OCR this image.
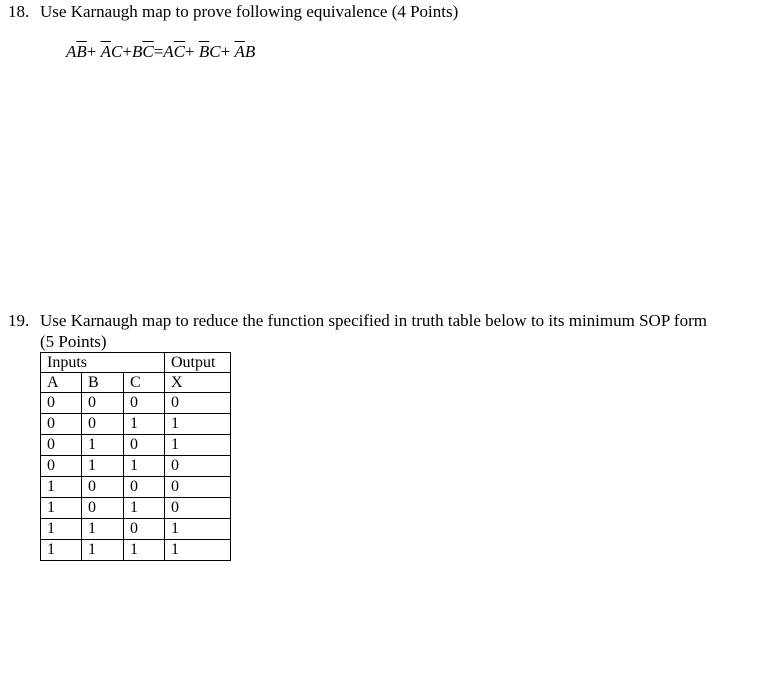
18. Use Karnaugh map to prove following equivalence (4 Points)
$A\overline{B}+ \overline{A}C+B\overline{C}=A\overline{C}+ \overline{B}C+ \overline{A}B$
19. Use Karnaugh map to reduce the function specified in truth table below to its minimum SOP form
(5 Points)
Inputs			Output
A	B	C	X
0	0	0	0
0	0	1	1
0	1	0	1
0	1	1	0
1	0	0	0
1	0	1	0
1	1	0	1
1	1	1	1
